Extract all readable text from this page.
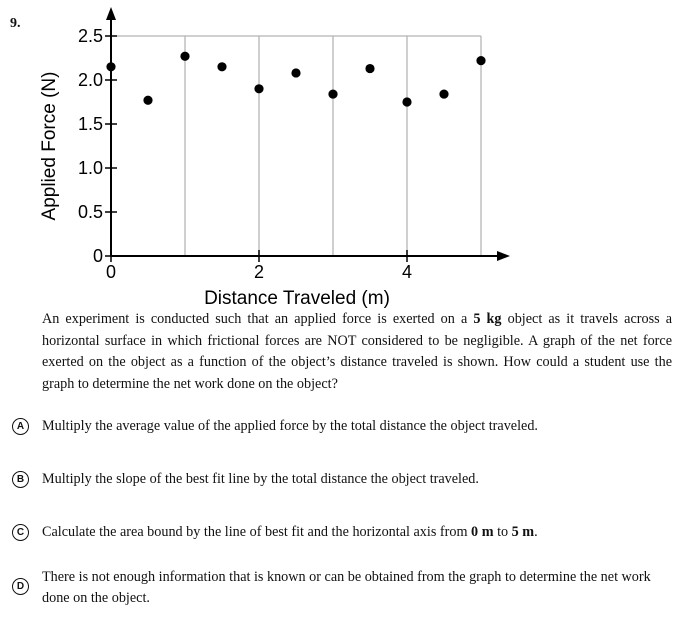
9.
0
0.5
1.0
1.5
2.0
2.5
0	2	4
Distance Traveled (m)
Applied Force (N)
An experiment is conducted such that an applied force is exerted on a 5 kg object as it travels across a horizontal surface in which frictional forces are NOT considered to be negligible. A graph of the net force exerted on the object as a function of the object’s distance traveled is shown. How could a student use the graph to determine the net work done on the object?
A	Multiply the average value of the applied force by the total distance the object traveled.
B	Multiply the slope of the best fit line by the total distance the object traveled.
C	Calculate the area bound by the line of best fit and the horizontal axis from 0 m to 5 m.
D
There is not enough information that is known or can be obtained from the graph to determine the net work done on the object.
